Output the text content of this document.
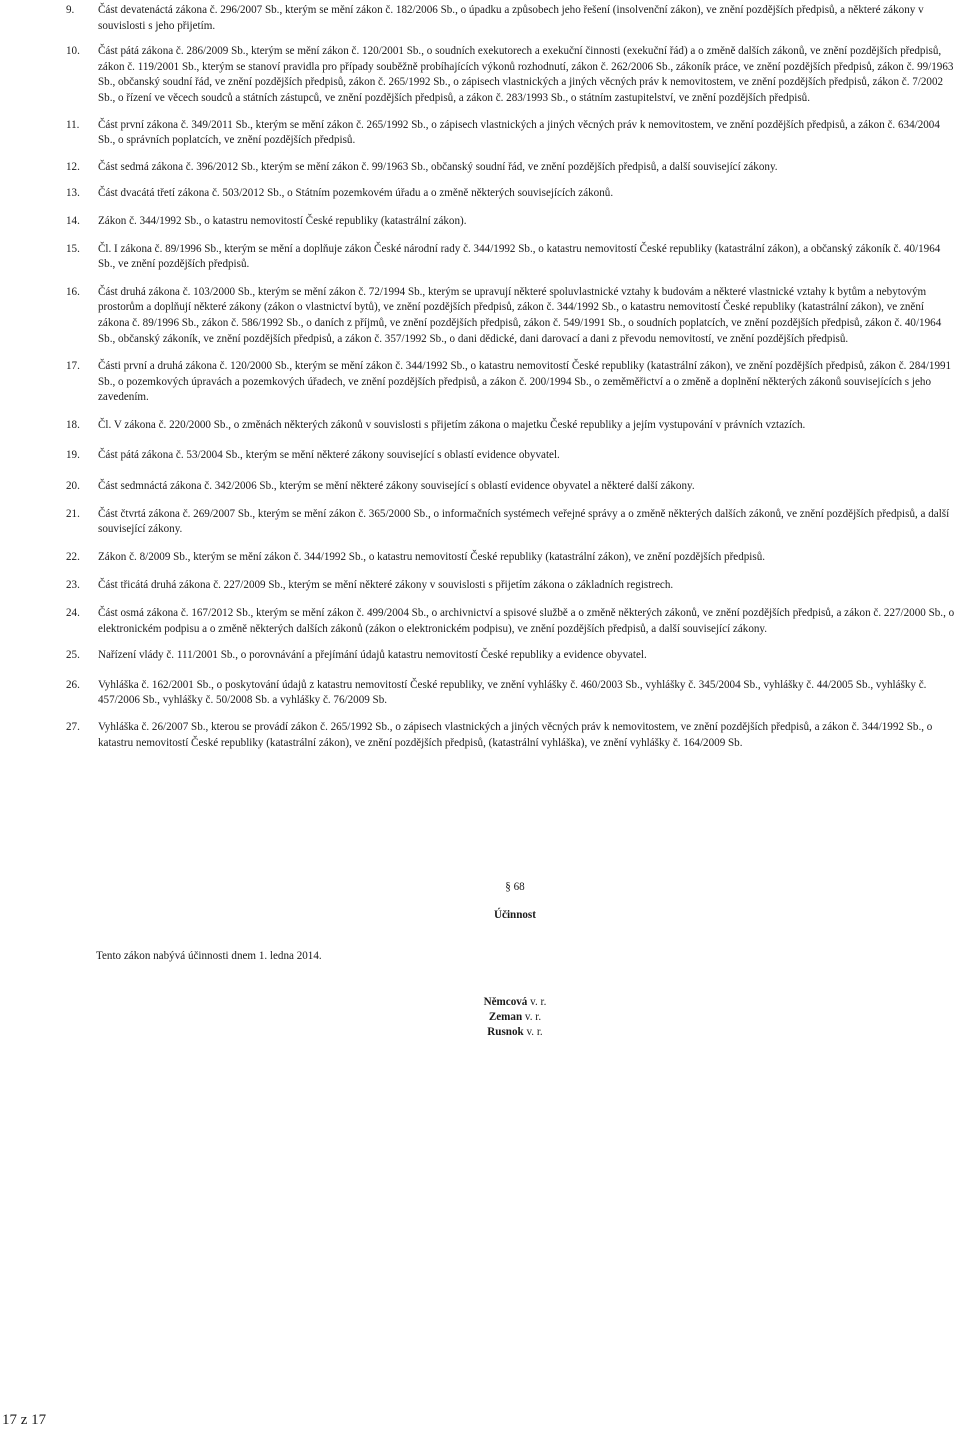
9.	Část devatenáctá zákona č. 296/2007 Sb., kterým se mění zákon č. 182/2006 Sb., o úpadku a způsobech jeho řešení (insolvenční zákon), ve znění pozdějších předpisů, a některé zákony v souvislosti s jeho přijetím.
10.	Část pátá zákona č. 286/2009 Sb., kterým se mění zákon č. 120/2001 Sb., o soudních exekutorech a exekuční činnosti (exekuční řád) a o změně dalších zákonů, ve znění pozdějších předpisů, zákon č. 119/2001 Sb., kterým se stanoví pravidla pro případy souběžně probíhajících výkonů rozhodnutí, zákon č. 262/2006 Sb., zákoník práce, ve znění pozdějších předpisů, zákon č. 99/1963 Sb., občanský soudní řád, ve znění pozdějších předpisů, zákon č. 265/1992 Sb., o zápisech vlastnických a jiných věcných práv k nemovitostem, ve znění pozdějších předpisů, zákon č. 7/2002 Sb., o řízení ve věcech soudců a státních zástupců, ve znění pozdějších předpisů, a zákon č. 283/1993 Sb., o státním zastupitelství, ve znění pozdějších předpisů.
11.	Část první zákona č. 349/2011 Sb., kterým se mění zákon č. 265/1992 Sb., o zápisech vlastnických a jiných věcných práv k nemovitostem, ve znění pozdějších předpisů, a zákon č. 634/2004 Sb., o správních poplatcích, ve znění pozdějších předpisů.
12.	Část sedmá zákona č. 396/2012 Sb., kterým se mění zákon č. 99/1963 Sb., občanský soudní řád, ve znění pozdějších předpisů, a další související zákony.
13.	Část dvacátá třetí zákona č. 503/2012 Sb., o Státním pozemkovém úřadu a o změně některých souvisejících zákonů.
14.	Zákon č. 344/1992 Sb., o katastru nemovitostí České republiky (katastrální zákon).
15.	Čl. I zákona č. 89/1996 Sb., kterým se mění a doplňuje zákon České národní rady č. 344/1992 Sb., o katastru nemovitostí České republiky (katastrální zákon), a občanský zákoník č. 40/1964 Sb., ve znění pozdějších předpisů.
16.	Část druhá zákona č. 103/2000 Sb., kterým se mění zákon č. 72/1994 Sb., kterým se upravují některé spoluvlastnické vztahy k budovám a některé vlastnické vztahy k bytům a nebytovým prostorům a doplňují některé zákony (zákon o vlastnictví bytů), ve znění pozdějších předpisů, zákon č. 344/1992 Sb., o katastru nemovitostí České republiky (katastrální zákon), ve znění zákona č. 89/1996 Sb., zákon č. 586/1992 Sb., o daních z příjmů, ve znění pozdějších předpisů, zákon č. 549/1991 Sb., o soudních poplatcích, ve znění pozdějších předpisů, zákon č. 40/1964 Sb., občanský zákoník, ve znění pozdějších předpisů, a zákon č. 357/1992 Sb., o dani dědické, dani darovací a dani z převodu nemovitostí, ve znění pozdějších předpisů.
17.	Části první a druhá zákona č. 120/2000 Sb., kterým se mění zákon č. 344/1992 Sb., o katastru nemovitostí České republiky (katastrální zákon), ve znění pozdějších předpisů, zákon č. 284/1991 Sb., o pozemkových úpravách a pozemkových úřadech, ve znění pozdějších předpisů, a zákon č. 200/1994 Sb., o zeměměřictví a o změně a doplnění některých zákonů souvisejících s jeho zavedením.
18.	Čl. V zákona č. 220/2000 Sb., o změnách některých zákonů v souvislosti s přijetím zákona o majetku České republiky a jejím vystupování v právních vztazích.
19.	Část pátá zákona č. 53/2004 Sb., kterým se mění některé zákony související s oblastí evidence obyvatel.
20.	Část sedmnáctá zákona č. 342/2006 Sb., kterým se mění některé zákony související s oblastí evidence obyvatel a některé další zákony.
21.	Část čtvrtá zákona č. 269/2007 Sb., kterým se mění zákon č. 365/2000 Sb., o informačních systémech veřejné správy a o změně některých dalších zákonů, ve znění pozdějších předpisů, a další související zákony.
22.	Zákon č. 8/2009 Sb., kterým se mění zákon č. 344/1992 Sb., o katastru nemovitostí České republiky (katastrální zákon), ve znění pozdějších předpisů.
23.	Část třicátá druhá zákona č. 227/2009 Sb., kterým se mění některé zákony v souvislosti s přijetím zákona o základních registrech.
24.	Část osmá zákona č. 167/2012 Sb., kterým se mění zákon č. 499/2004 Sb., o archivnictví a spisové službě a o změně některých zákonů, ve znění pozdějších předpisů, a zákon č. 227/2000 Sb., o elektronickém podpisu a o změně některých dalších zákonů (zákon o elektronickém podpisu), ve znění pozdějších předpisů, a další související zákony.
25.	Nařízení vlády č. 111/2001 Sb., o porovnávání a přejímání údajů katastru nemovitostí České republiky a evidence obyvatel.
26.	Vyhláška č. 162/2001 Sb., o poskytování údajů z katastru nemovitostí České republiky, ve znění vyhlášky č. 460/2003 Sb., vyhlášky č. 345/2004 Sb., vyhlášky č. 44/2005 Sb., vyhlášky č. 457/2006 Sb., vyhlášky č. 50/2008 Sb. a vyhlášky č. 76/2009 Sb.
27.	Vyhláška č. 26/2007 Sb., kterou se provádí zákon č. 265/1992 Sb., o zápisech vlastnických a jiných věcných práv k nemovitostem, ve znění pozdějších předpisů, a zákon č. 344/1992 Sb., o katastru nemovitostí České republiky (katastrální zákon), ve znění pozdějších předpisů, (katastrální vyhláška), ve znění vyhlášky č. 164/2009 Sb.
§ 68
Účinnost
Tento zákon nabývá účinnosti dnem 1. ledna 2014.
Němcová v. r.
Zeman v. r.
Rusnok v. r.
17 z 17
